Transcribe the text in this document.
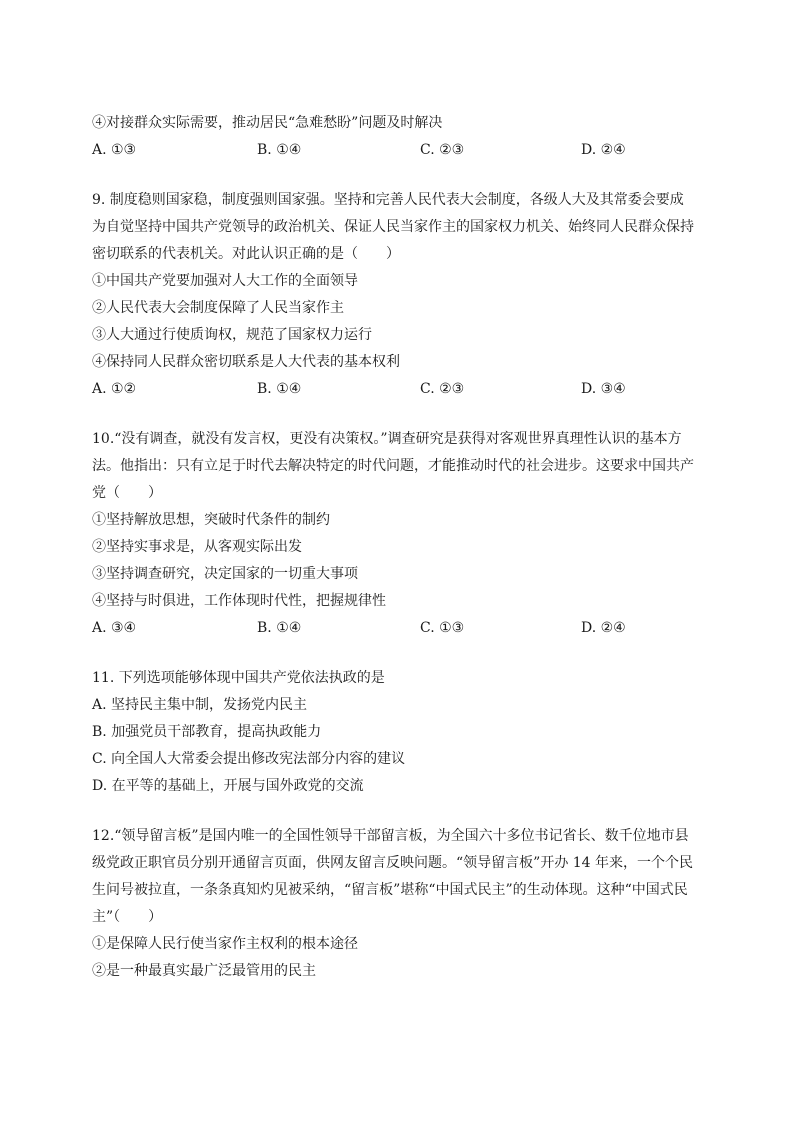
④对接群众实际需要，推动居民“急难愁盼”问题及时解决
A. ①③	B. ①④	C. ②③	D. ②④
9. 制度稳则国家稳，制度强则国家强。坚持和完善人民代表大会制度，各级人大及其常委会要成
为自觉坚持中国共产党领导的政治机关、保证人民当家作主的国家权力机关、始终同人民群众保持
密切联系的代表机关。对此认识正确的是（　　）
①中国共产党要加强对人大工作的全面领导
②人民代表大会制度保障了人民当家作主
③人大通过行使质询权，规范了国家权力运行
④保持同人民群众密切联系是人大代表的基本权利
A. ①②	B. ①④	C. ②③	D. ③④
10.“没有调查，就没有发言权，更没有决策权。”调查研究是获得对客观世界真理性认识的基本方
法。他指出：只有立足于时代去解决特定的时代问题，才能推动时代的社会进步。这要求中国共产
党（　　）
①坚持解放思想，突破时代条件的制约
②坚持实事求是，从客观实际出发
③坚持调查研究，决定国家的一切重大事项
④坚持与时俱进，工作体现时代性，把握规律性
A. ③④	B. ①④	C. ①③	D. ②④
11. 下列选项能够体现中国共产党依法执政的是
A. 坚持民主集中制，发扬党内民主
B. 加强党员干部教育，提高执政能力
C. 向全国人大常委会提出修改宪法部分内容的建议
D. 在平等的基础上，开展与国外政党的交流
12.“领导留言板”是国内唯一的全国性领导干部留言板，为全国六十多位书记省长、数千位地市县
级党政正职官员分别开通留言页面，供网友留言反映问题。“领导留言板”开办 14 年来，一个个民
生问号被拉直，一条条真知灼见被采纳，“留言板”堪称“中国式民主”的生动体现。这种“中国式民
主”（　　）
①是保障人民行使当家作主权利的根本途径
②是一种最真实最广泛最管用的民主
